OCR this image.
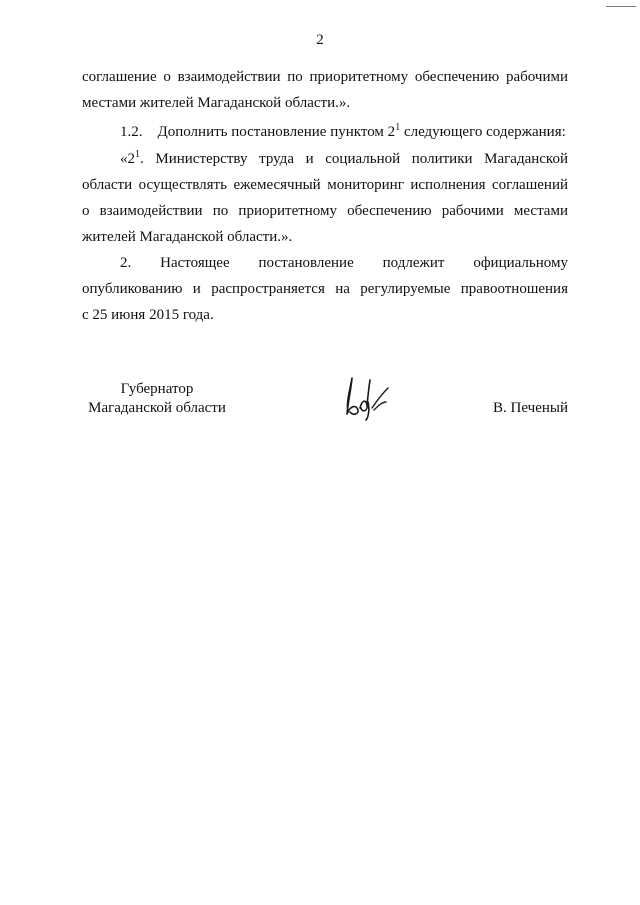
2
соглашение о взаимодействии по приоритетному обеспечению рабочими
местами жителей Магаданской области.».
1.2. Дополнить постановление пунктом $2^1$ следующего содержания:
«$2^1$. Министерству труда и социальной политики Магаданской
области осуществлять ежемесячный мониторинг исполнения соглашений
о взаимодействии по приоритетному обеспечению рабочими местами
жителей Магаданской области.».
2. Настоящее постановление подлежит официальному
опубликованию и распространяется на регулируемые правоотношения
с 25 июня 2015 года.
Губернатор
Магаданской области	В. Печеный
